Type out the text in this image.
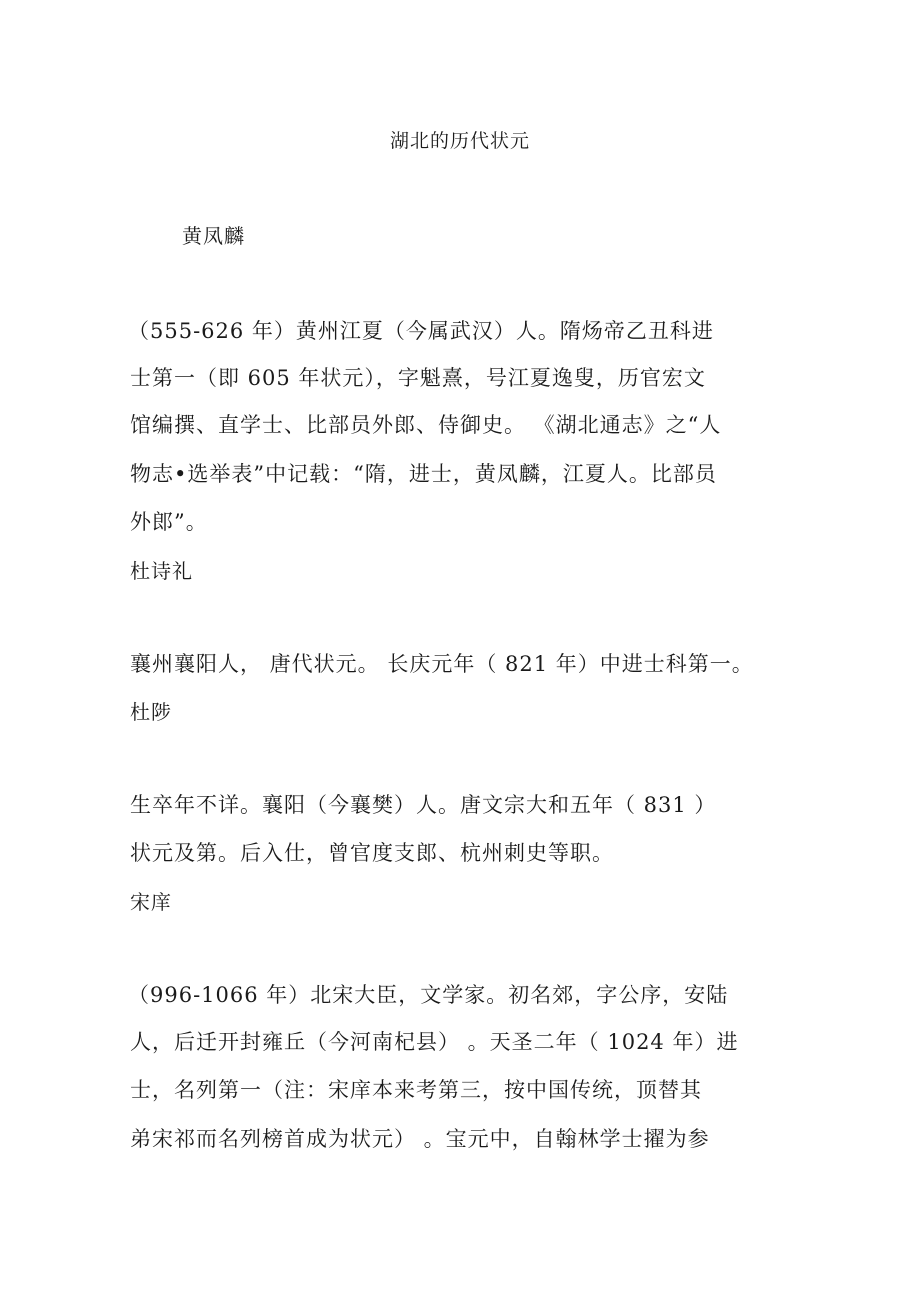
湖北的历代状元
黄凤麟
（555-626 年）黄州江夏（今属武汉）人。隋炀帝乙丑科进
士第一（即 605 年状元），字魁熹，号江夏逸叟，历官宏文
馆编撰、直学士、比部员外郎、侍御史。 《湖北通志》之“人
物志•选举表”中记载：“隋，进士，黄凤麟，江夏人。比部员
外郎”。
杜诗礼
襄州襄阳人， 唐代状元。 长庆元年（ 821 年）中进士科第一。
杜陟
生卒年不详。襄阳（今襄樊）人。唐文宗大和五年（ 831 ）
状元及第。后入仕，曾官度支郎、杭州刺史等职。
宋庠
（996-1066 年）北宋大臣，文学家。初名郊，字公序，安陆
人，后迁开封雍丘（今河南杞县） 。天圣二年（ 1024 年）进
士，名列第一（注：宋庠本来考第三，按中国传统，顶替其
弟宋祁而名列榜首成为状元） 。宝元中，自翰林学士擢为参
